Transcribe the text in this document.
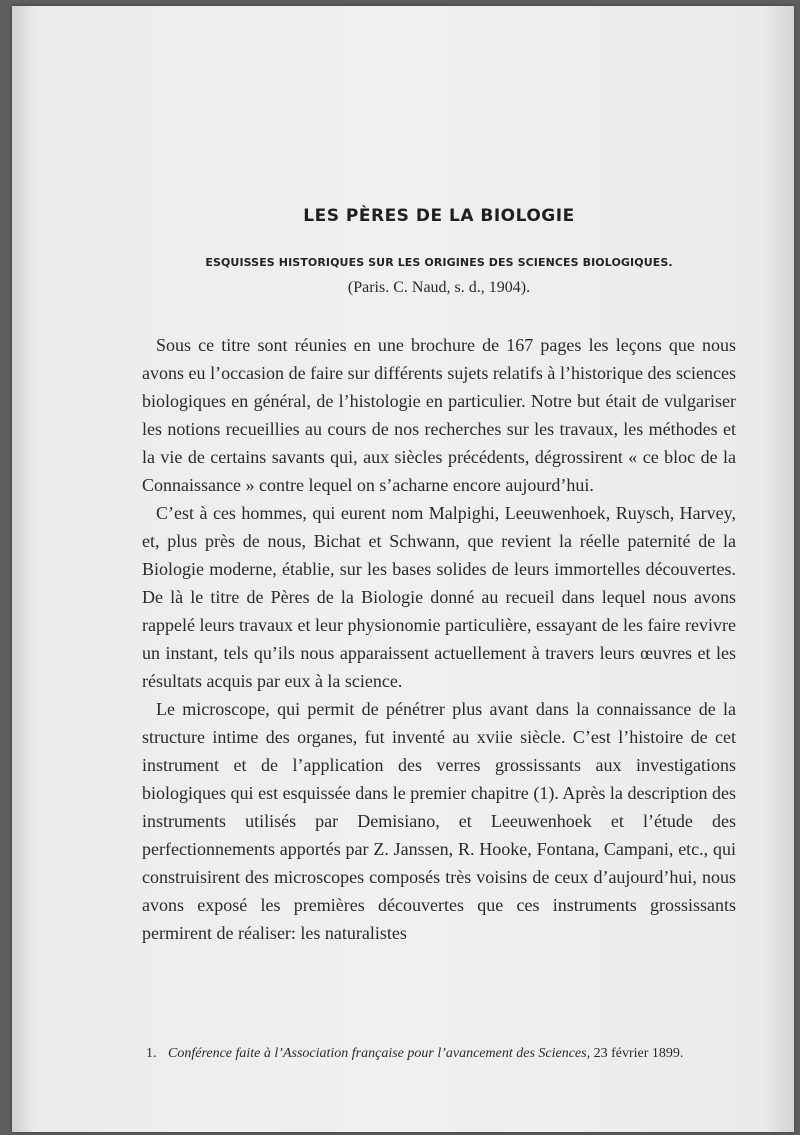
LES PÈRES DE LA BIOLOGIE
ESQUISSES HISTORIQUES SUR LES ORIGINES DES SCIENCES BIOLOGIQUES.
(Paris. C. Naud, s. d., 1904).

Sous ce titre sont réunies en une brochure de 167 pages les leçons que nous avons eu l’occasion de faire sur différents sujets relatifs à l’historique des sciences biologiques en général, de l’histologie en particulier. Notre but était de vulgariser les notions recueillies au cours de nos recherches sur les travaux, les méthodes et la vie de certains savants qui, aux siècles précédents, dégrossirent « ce bloc de la Connaissance » contre lequel on s’acharne encore aujourd’hui.

C’est à ces hommes, qui eurent nom Malpighi, Leeuwenhoek, Ruysch, Harvey, et, plus près de nous, Bichat et Schwann, que revient la réelle paternité de la Biologie moderne, établie, sur les bases solides de leurs immortelles découvertes. De là le titre de Pères de la Biologie donné au recueil dans lequel nous avons rappelé leurs travaux et leur physionomie particulière, essayant de les faire revivre un instant, tels qu’ils nous apparaissent actuellement à travers leurs œuvres et les résultats acquis par eux à la science.

Le microscope, qui permit de pénétrer plus avant dans la connaissance de la structure intime des organes, fut inventé au xviie siècle. C’est l’histoire de cet instrument et de l’application des verres grossissants aux investigations biologiques qui est esquissée dans le premier chapitre (1). Après la description des instruments utilisés par Demisiano, et Leeuwenhoek et l’étude des perfectionnements apportés par Z. Janssen, R. Hooke, Fontana, Campani, etc., qui construisirent des microscopes composés très voisins de ceux d’aujourd’hui, nous avons exposé les premières découvertes que ces instruments grossissants permirent de réaliser: les naturalistes

1. Conférence faite à l’Association française pour l’avancement des Sciences, 23 février 1899.
